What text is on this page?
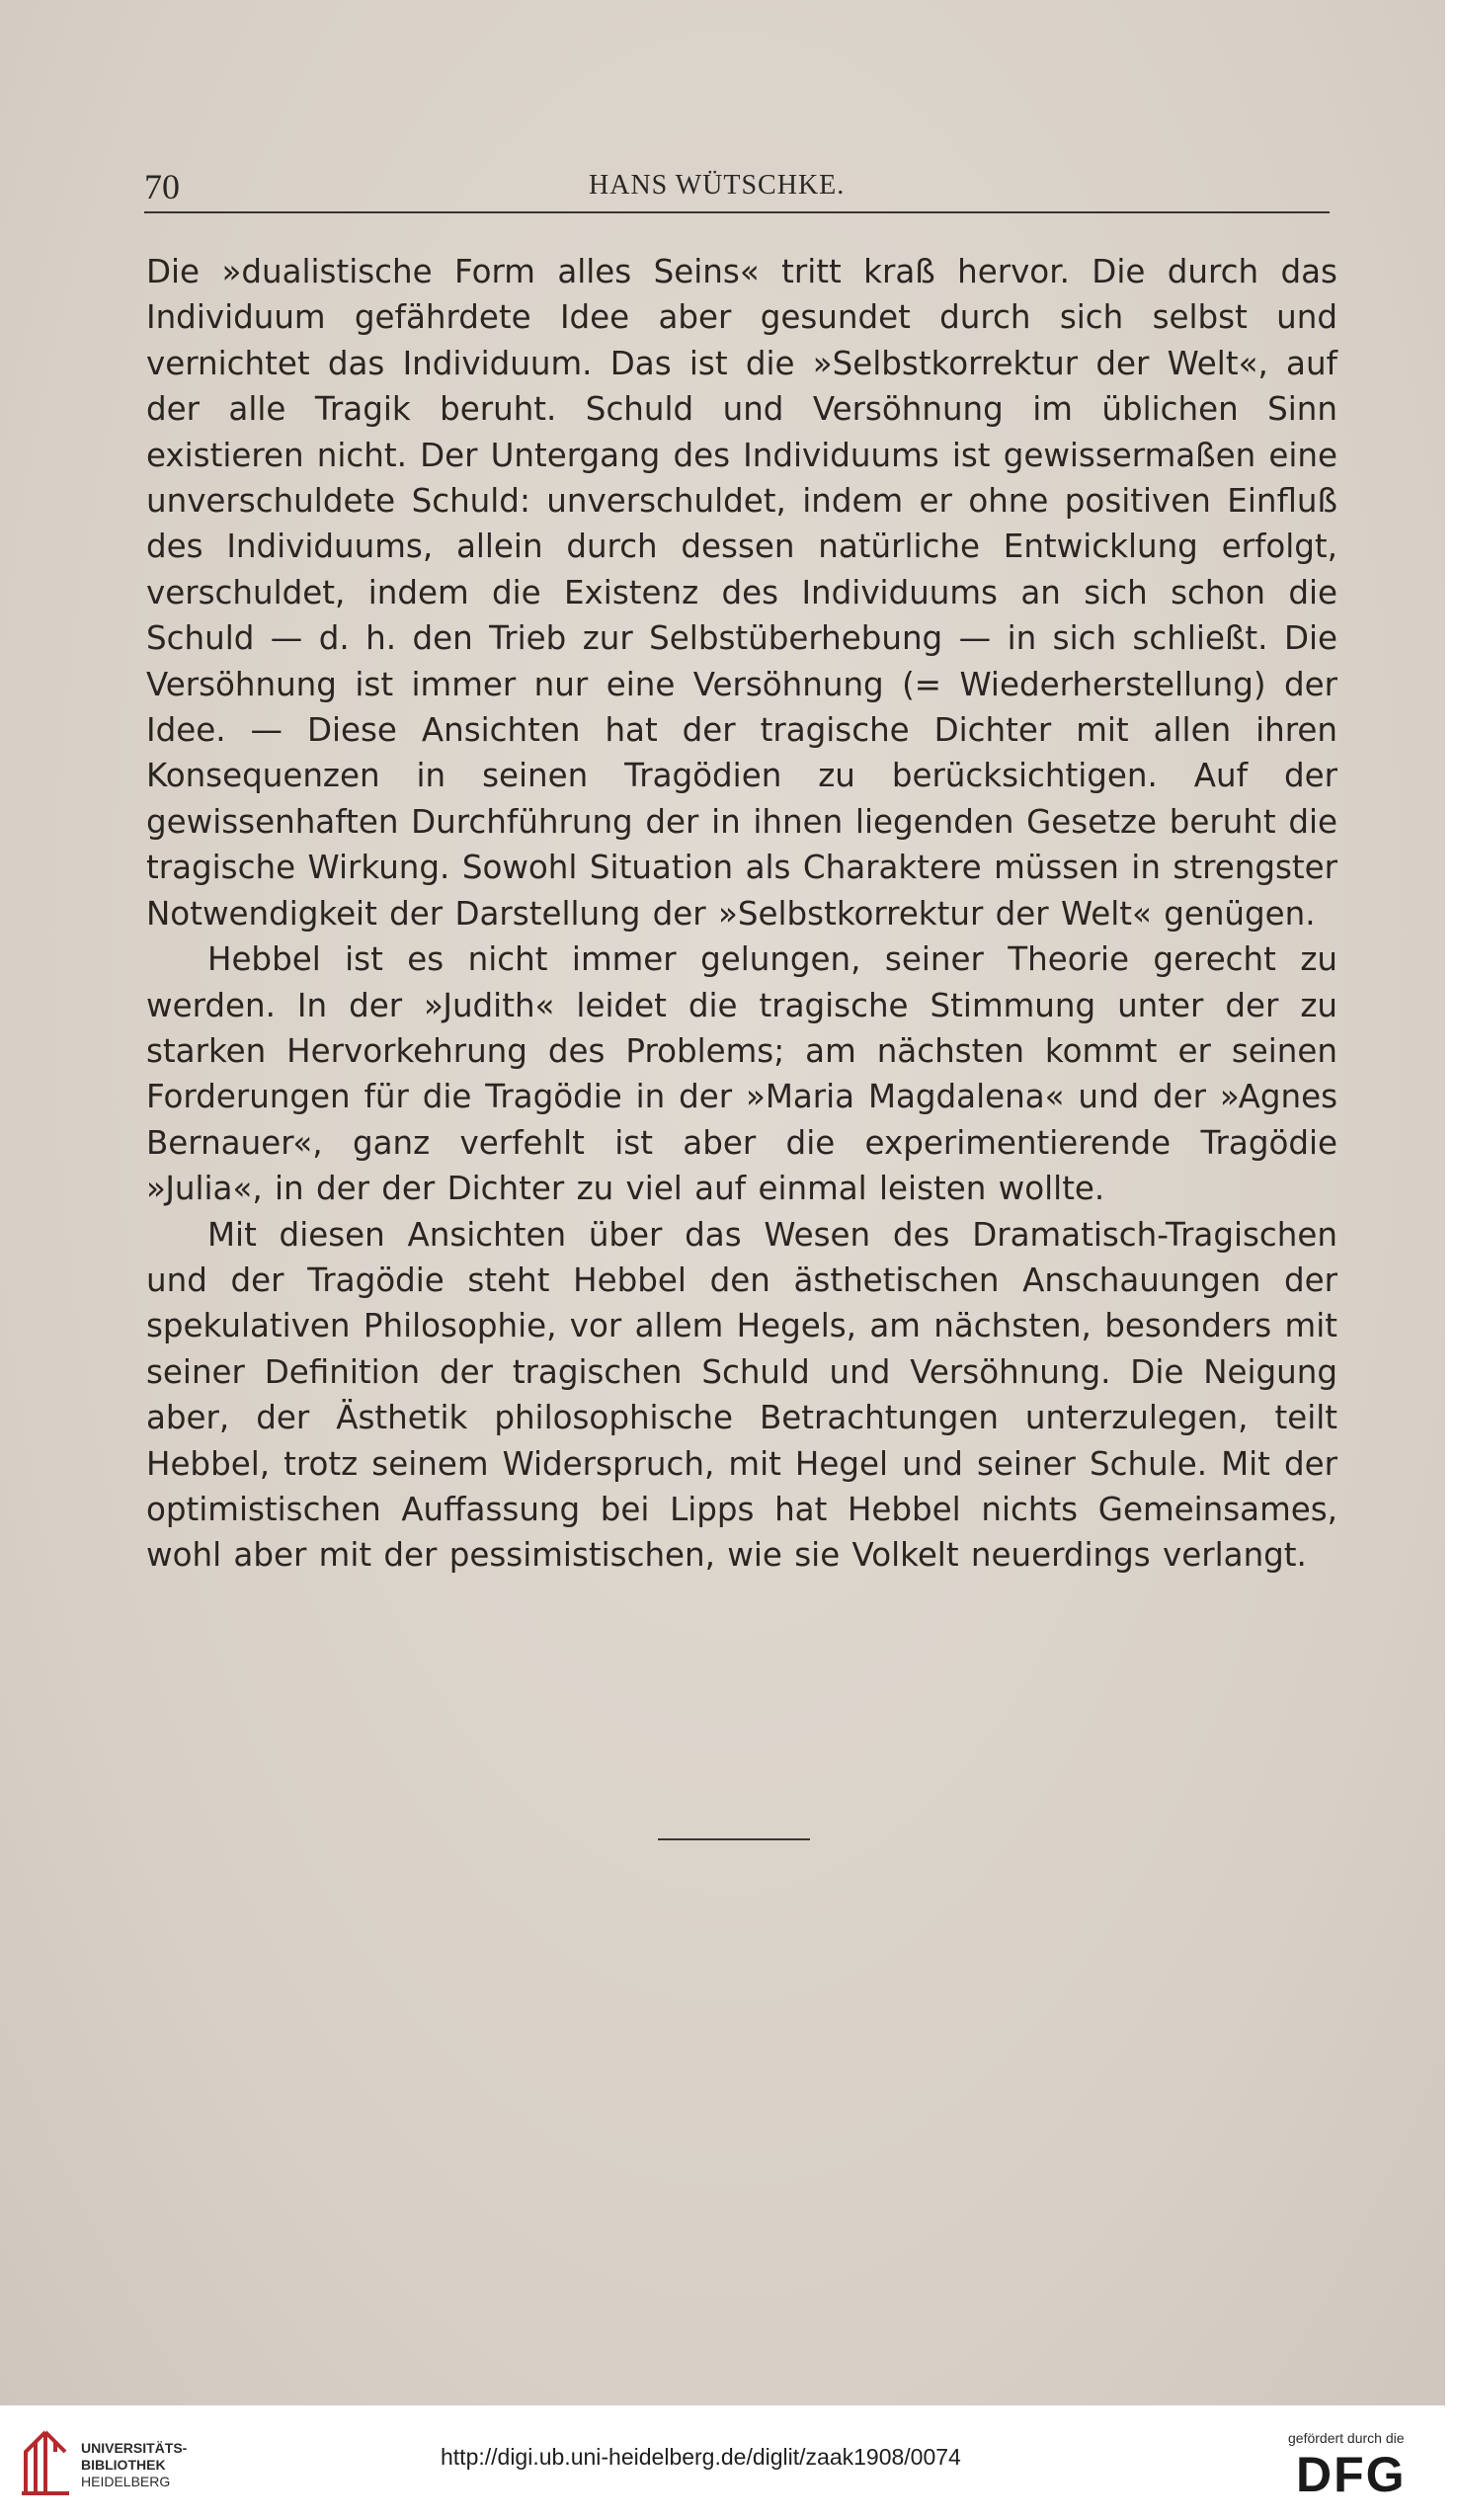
70	HANS WÜTSCHKE.

Die »dualistische Form alles Seins« tritt kraß hervor. Die durch das Individuum gefährdete Idee aber gesundet durch sich selbst und vernichtet das Individuum. Das ist die »Selbstkorrektur der Welt«, auf der alle Tragik beruht. Schuld und Versöhnung im üblichen Sinn existieren nicht. Der Untergang des Individuums ist gewissermaßen eine unverschuldete Schuld: unverschuldet, indem er ohne positiven Einfluß des Individuums, allein durch dessen natürliche Entwicklung erfolgt, verschuldet, indem die Existenz des Individuums an sich schon die Schuld — d. h. den Trieb zur Selbstüberhebung — in sich schließt. Die Versöhnung ist immer nur eine Versöhnung (= Wiederherstellung) der Idee. — Diese Ansichten hat der tragische Dichter mit allen ihren Konsequenzen in seinen Tragödien zu berücksichtigen. Auf der gewissenhaften Durchführung der in ihnen liegenden Gesetze beruht die tragische Wirkung. Sowohl Situation als Charaktere müssen in strengster Notwendigkeit der Darstellung der »Selbstkorrektur der Welt« genügen.

Hebbel ist es nicht immer gelungen, seiner Theorie gerecht zu werden. In der »Judith« leidet die tragische Stimmung unter der zu starken Hervorkehrung des Problems; am nächsten kommt er seinen Forderungen für die Tragödie in der »Maria Magdalena« und der »Agnes Bernauer«, ganz verfehlt ist aber die experimentierende Tragödie »Julia«, in der der Dichter zu viel auf einmal leisten wollte.

Mit diesen Ansichten über das Wesen des Dramatisch-Tragischen und der Tragödie steht Hebbel den ästhetischen Anschauungen der spekulativen Philosophie, vor allem Hegels, am nächsten, besonders mit seiner Definition der tragischen Schuld und Versöhnung. Die Neigung aber, der Ästhetik philosophische Betrachtungen unterzulegen, teilt Hebbel, trotz seinem Widerspruch, mit Hegel und seiner Schule. Mit der optimistischen Auffassung bei Lipps hat Hebbel nichts Gemeinsames, wohl aber mit der pessimistischen, wie sie Volkelt neuerdings verlangt.

UNIVERSITÄTS-
BIBLIOTHEK
HEIDELBERG
http://digi.ub.uni-heidelberg.de/diglit/zaak1908/0074
gefördert durch die
DFG
